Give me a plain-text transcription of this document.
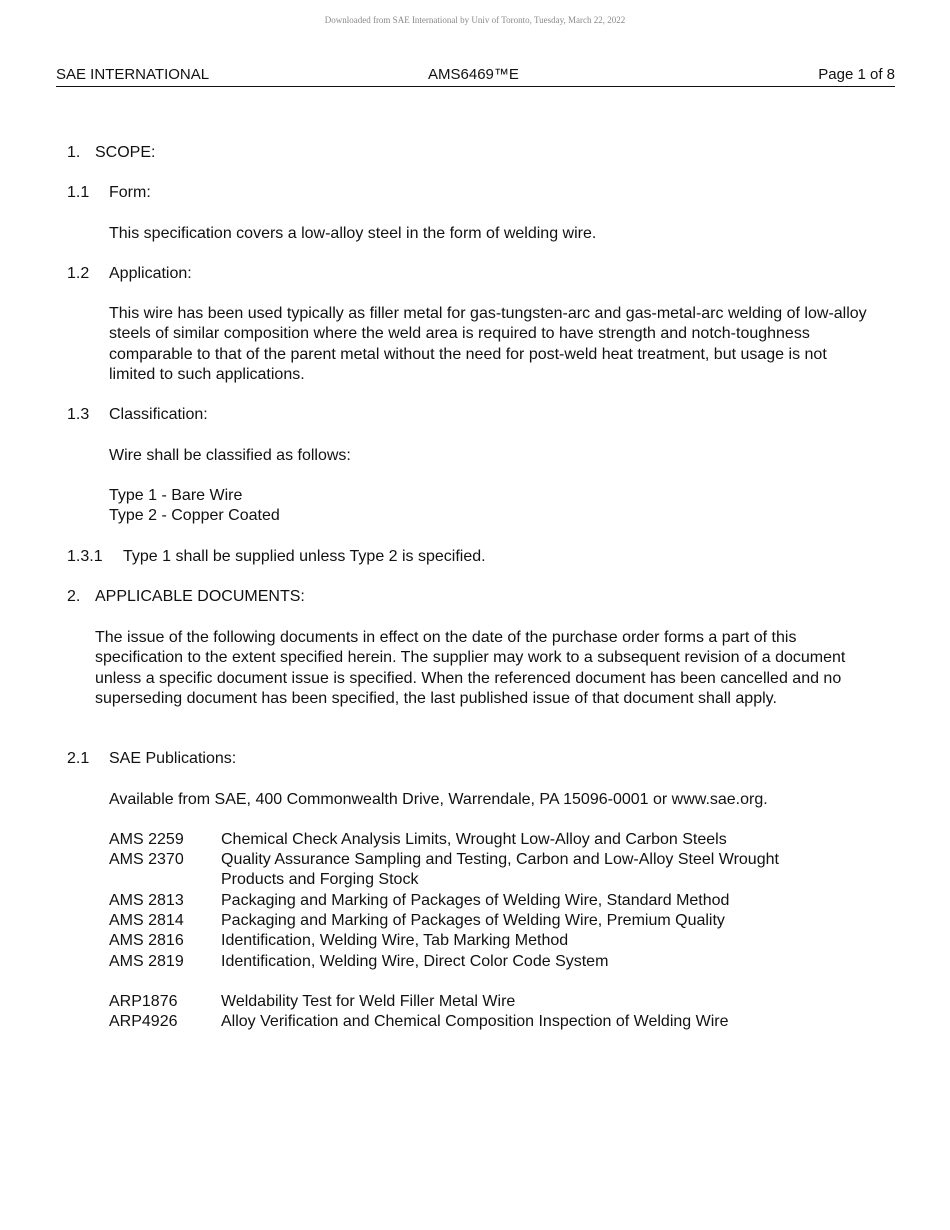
Downloaded from SAE International by Univ of Toronto, Tuesday, March 22, 2022
SAE INTERNATIONAL	AMS6469™E	Page 1 of 8
1. SCOPE:
1.1 Form:
This specification covers a low-alloy steel in the form of welding wire.
1.2 Application:
This wire has been used typically as filler metal for gas-tungsten-arc and gas-metal-arc welding of low-alloy steels of similar composition where the weld area is required to have strength and notch-toughness comparable to that of the parent metal without the need for post-weld heat treatment, but usage is not limited to such applications.
1.3 Classification:
Wire shall be classified as follows:
Type 1 - Bare Wire
Type 2 - Copper Coated
1.3.1 Type 1 shall be supplied unless Type 2 is specified.
2. APPLICABLE DOCUMENTS:
The issue of the following documents in effect on the date of the purchase order forms a part of this specification to the extent specified herein. The supplier may work to a subsequent revision of a document unless a specific document issue is specified. When the referenced document has been cancelled and no superseding document has been specified, the last published issue of that document shall apply.
2.1 SAE Publications:
Available from SAE, 400 Commonwealth Drive, Warrendale, PA 15096-0001 or www.sae.org.
AMS 2259 Chemical Check Analysis Limits, Wrought Low-Alloy and Carbon Steels
AMS 2370 Quality Assurance Sampling and Testing, Carbon and Low-Alloy Steel Wrought Products and Forging Stock
AMS 2813 Packaging and Marking of Packages of Welding Wire, Standard Method
AMS 2814 Packaging and Marking of Packages of Welding Wire, Premium Quality
AMS 2816 Identification, Welding Wire, Tab Marking Method
AMS 2819 Identification, Welding Wire, Direct Color Code System
ARP1876	Weldability Test for Weld Filler Metal Wire
ARP4926	Alloy Verification and Chemical Composition Inspection of Welding Wire
